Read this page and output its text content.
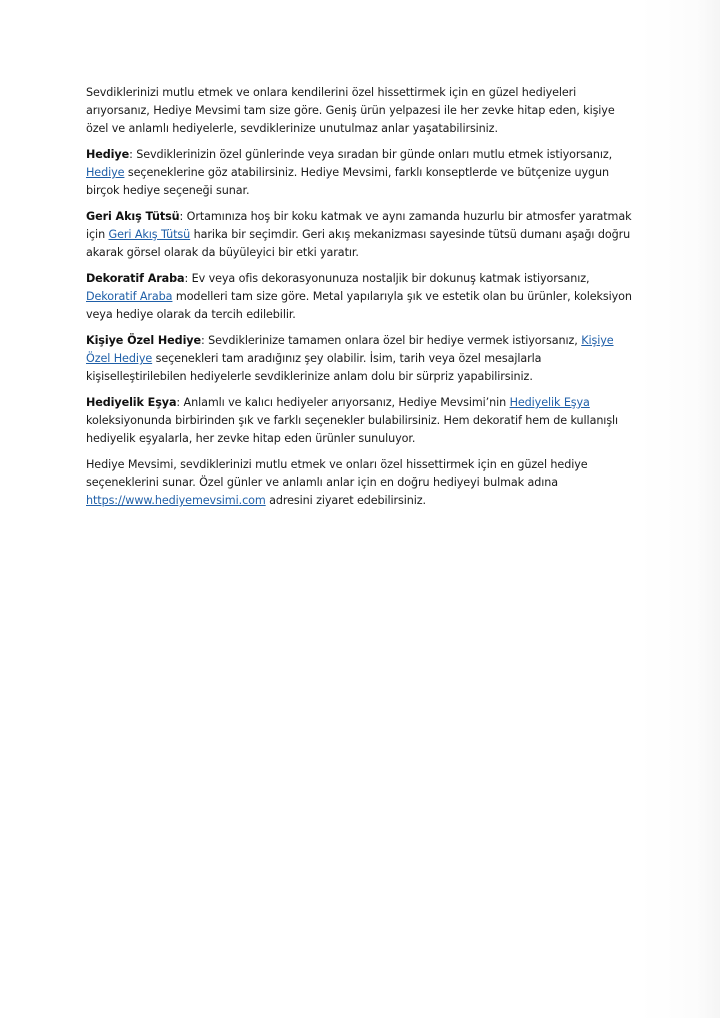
Sevdiklerinizi mutlu etmek ve onlara kendilerini özel hissettirmek için en güzel hediyeleri arıyorsanız, Hediye Mevsimi tam size göre. Geniş ürün yelpazesi ile her zevke hitap eden, kişiye özel ve anlamlı hediyelerle, sevdiklerinize unutulmaz anlar yaşatabilirsiniz.

Hediye: Sevdiklerinizin özel günlerinde veya sıradan bir günde onları mutlu etmek istiyorsanız, Hediye seçeneklerine göz atabilirsiniz. Hediye Mevsimi, farklı konseptlerde ve bütçenize uygun birçok hediye seçeneği sunar.

Geri Akış Tütsü: Ortamınıza hoş bir koku katmak ve aynı zamanda huzurlu bir atmosfer yaratmak için Geri Akış Tütsü harika bir seçimdir. Geri akış mekanizması sayesinde tütsü dumanı aşağı doğru akarak görsel olarak da büyüleyici bir etki yaratır.

Dekoratif Araba: Ev veya ofis dekorasyonunuza nostaljik bir dokunuş katmak istiyorsanız, Dekoratif Araba modelleri tam size göre. Metal yapılarıyla şık ve estetik olan bu ürünler, koleksiyon veya hediye olarak da tercih edilebilir.

Kişiye Özel Hediye: Sevdiklerinize tamamen onlara özel bir hediye vermek istiyorsanız, Kişiye Özel Hediye seçenekleri tam aradığınız şey olabilir. İsim, tarih veya özel mesajlarla kişiselleştirilebilen hediyelerle sevdiklerinize anlam dolu bir sürpriz yapabilirsiniz.

Hediyelik Eşya: Anlamlı ve kalıcı hediyeler arıyorsanız, Hediye Mevsimi’nin Hediyelik Eşya koleksiyonunda birbirinden şık ve farklı seçenekler bulabilirsiniz. Hem dekoratif hem de kullanışlı hediyelik eşyalarla, her zevke hitap eden ürünler sunuluyor.

Hediye Mevsimi, sevdiklerinizi mutlu etmek ve onları özel hissettirmek için en güzel hediye seçeneklerini sunar. Özel günler ve anlamlı anlar için en doğru hediyeyi bulmak adına https://www.hediyemevsimi.com adresini ziyaret edebilirsiniz.
